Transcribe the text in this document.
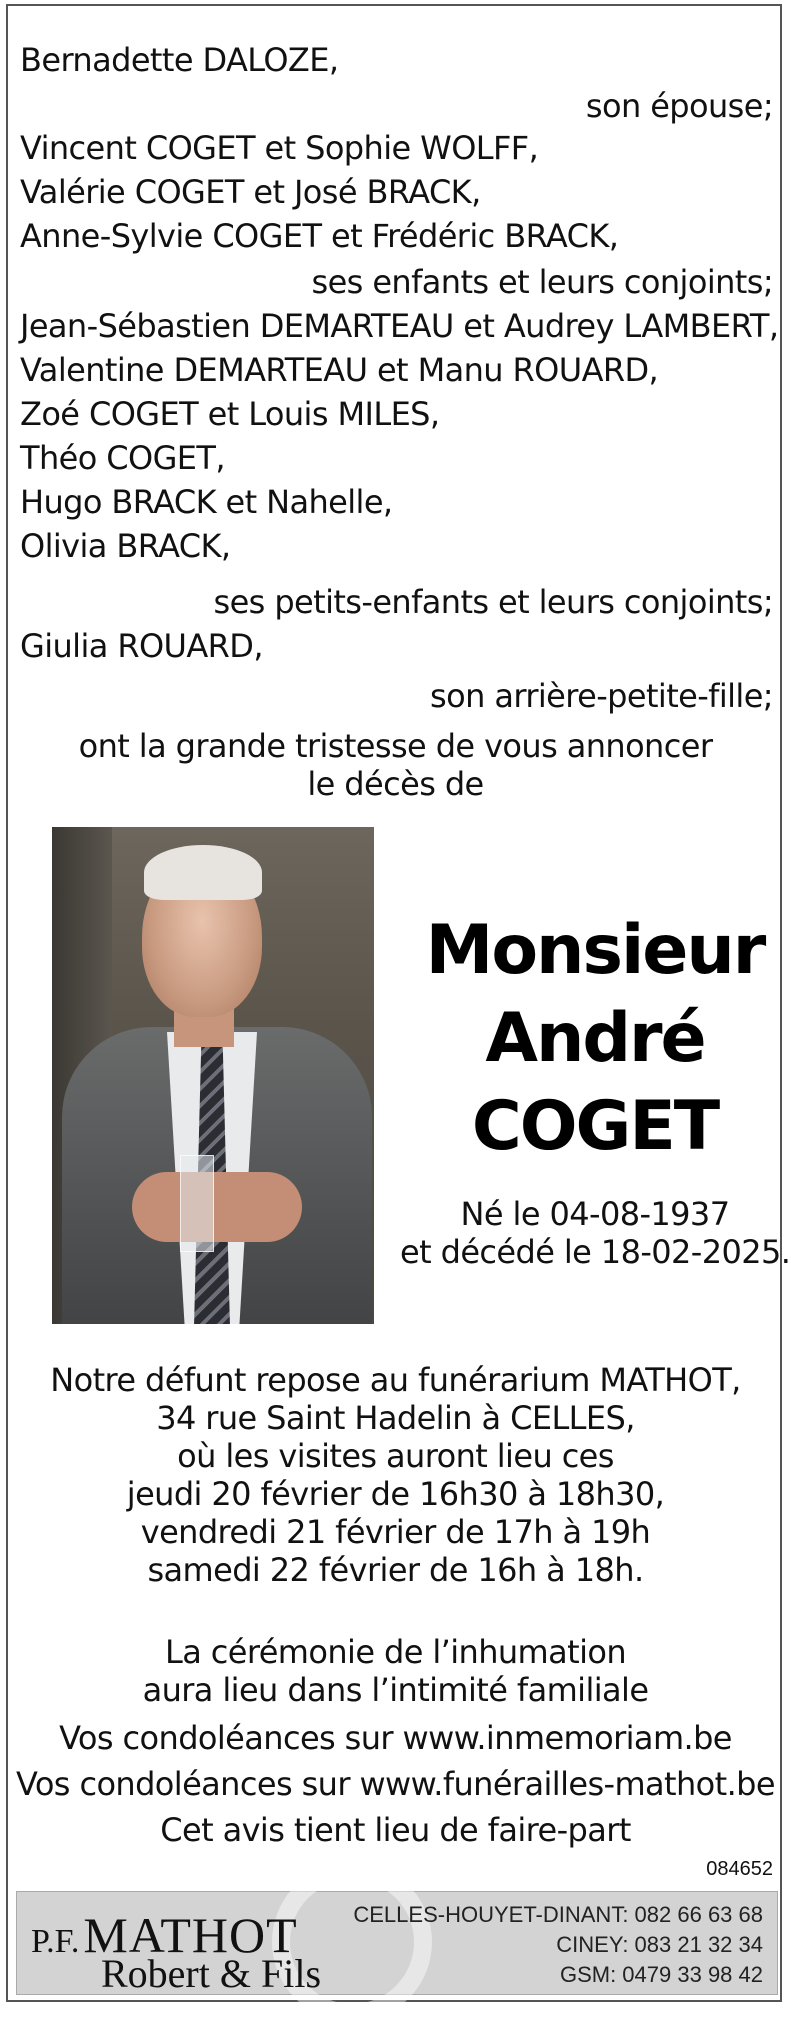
Bernadette DALOZE,
son épouse;
Vincent COGET et Sophie WOLFF,
Valérie COGET et José BRACK,
Anne-Sylvie COGET et Frédéric BRACK,
ses enfants et leurs conjoints;
Jean-Sébastien DEMARTEAU et Audrey LAMBERT,
Valentine DEMARTEAU et Manu ROUARD,
Zoé COGET et Louis MILES,
Théo COGET,
Hugo BRACK et Nahelle,
Olivia BRACK,
ses petits-enfants et leurs conjoints;
Giulia ROUARD,
son arrière-petite-fille;
ont la grande tristesse de vous annoncer
le décès de
Monsieur
André
COGET
Né le 04-08-1937
et décédé le 18-02-2025.
Notre défunt repose au funérarium MATHOT,
34 rue Saint Hadelin à CELLES,
où les visites auront lieu ces
jeudi 20 février de 16h30 à 18h30,
vendredi 21 février de 17h à 19h
samedi 22 février de 16h à 18h.
La cérémonie de l’inhumation
aura lieu dans l’intimité familiale
Vos condoléances sur www.inmemoriam.be
Vos condoléances sur www.funérailles-mathot.be
Cet avis tient lieu de faire-part
084652
P.F. MATHOT
Robert & Fils
CELLES-HOUYET-DINANT: 082 66 63 68
CINEY: 083 21 32 34
GSM: 0479 33 98 42
